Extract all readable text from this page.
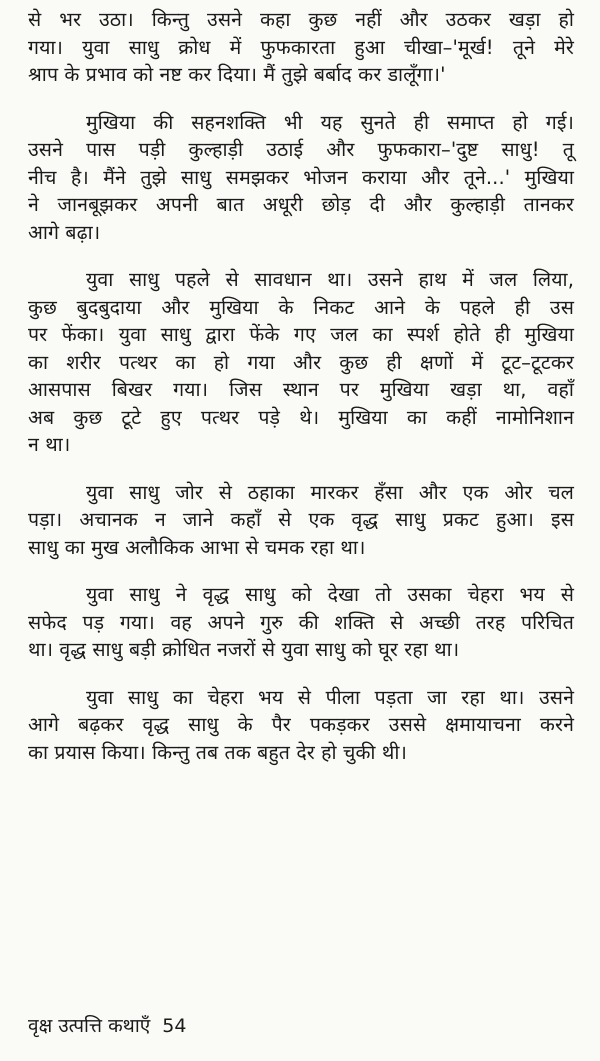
से भर उठा। किन्तु उसने कहा कुछ नहीं और उठकर खड़ा हो
गया। युवा साधु क्रोध में फुफकारता हुआ चीखा–'मूर्ख! तूने मेरे
श्राप के प्रभाव को नष्ट कर दिया। मैं तुझे बर्बाद कर डालूँगा।'
मुखिया की सहनशक्ति भी यह सुनते ही समाप्त हो गई।
उसने पास पड़ी कुल्हाड़ी उठाई और फुफकारा–'दुष्ट साधु! तू
नीच है। मैंने तुझे साधु समझकर भोजन कराया और तूने...' मुखिया
ने जानबूझकर अपनी बात अधूरी छोड़ दी और कुल्हाड़ी तानकर
आगे बढ़ा।
युवा साधु पहले से सावधान था। उसने हाथ में जल लिया,
कुछ बुदबुदाया और मुखिया के निकट आने के पहले ही उस
पर फेंका। युवा साधु द्वारा फेंके गए जल का स्पर्श होते ही मुखिया
का शरीर पत्थर का हो गया और कुछ ही क्षणों में टूट–टूटकर
आसपास बिखर गया। जिस स्थान पर मुखिया खड़ा था, वहाँ
अब कुछ टूटे हुए पत्थर पड़े थे। मुखिया का कहीं नामोनिशान
न था।
युवा साधु जोर से ठहाका मारकर हँसा और एक ओर चल
पड़ा। अचानक न जाने कहाँ से एक वृद्ध साधु प्रकट हुआ। इस
साधु का मुख अलौकिक आभा से चमक रहा था।
युवा साधु ने वृद्ध साधु को देखा तो उसका चेहरा भय से
सफेद पड़ गया। वह अपने गुरु की शक्ति से अच्छी तरह परिचित
था। वृद्ध साधु बड़ी क्रोधित नजरों से युवा साधु को घूर रहा था।
युवा साधु का चेहरा भय से पीला पड़ता जा रहा था। उसने
आगे बढ़कर वृद्ध साधु के पैर पकड़कर उससे क्षमायाचना करने
का प्रयास किया। किन्तु तब तक बहुत देर हो चुकी थी।
वृक्ष उत्पत्ति कथाएँ 54
